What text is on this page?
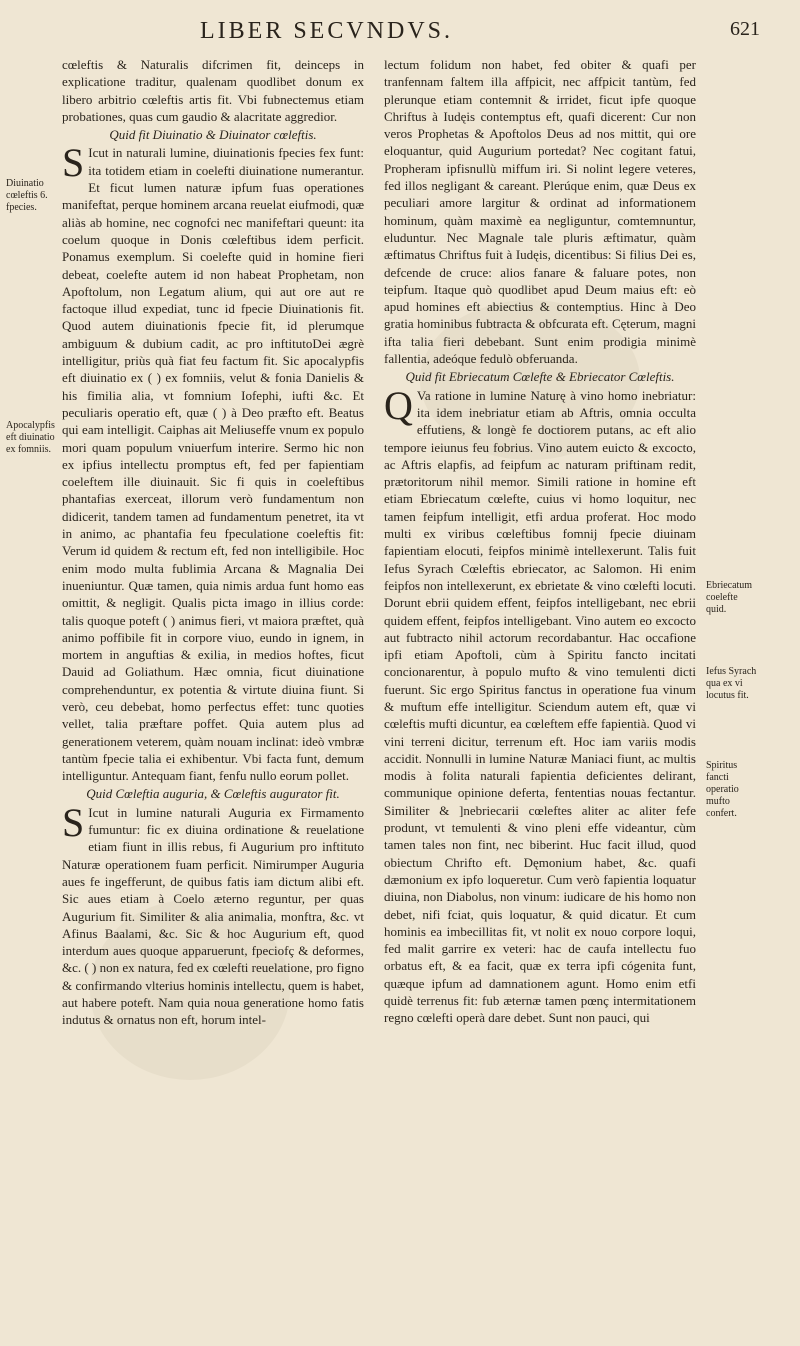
LIBER SECVNDVS.	621

cœleftis & Naturalis difcrimen fit, deinceps in explicatione traditur, qualenam quodlibet donum ex libero arbitrio cœleftis artis fit. Vbi fubnectemus etiam probationes, quas cum gaudio & alacritate aggredior.

Quid fit Diuinatio & Diuinator cœleftis.

S Icut in naturali lumine, diuinationis fpecies fex funt: ita totidem etiam in coelefti diuinatione numerantur. Et ficut lumen naturæ ipfum fuas operationes manifeftat, perque hominem arcana reuelat eiufmodi, quæ aliàs ab homine, nec cognofci nec manifeftari queunt: ita coelum quoque in Donis cœleftibus idem perficit. Ponamus exemplum. Si coelefte quid in homine fieri debeat, coelefte autem id non habeat Prophetam, non Apoftolum, non Legatum alium, qui aut ore aut re factoque illud expediat, tunc id fpecie Diuinationis fit. Quod autem diuinationis fpecie fit, id plerumque ambiguum & dubium cadit, ac pro inftitutoDei ægrè intelligitur, priùs quà fiat feu factum fit. Sic apocalypfis eft diuinatio ex ( ) ex fomniis, velut & fonia Danielis & his fimilia alia, vt fomnium Iofephi, iufti &c. Et peculiaris operatio eft, quæ ( ) à Deo præfto eft. Beatus qui eam intelligit. Caiphas ait Meliuseffe vnum ex populo mori quam populum vniuerfum interire. Sermo hic non ex ipfius intellectu promptus eft, fed per fapientiam coeleftem ille diuinauit. Sic fi quis in coeleftibus phantafias exerceat, illorum verò fundamentum non didicerit, tandem tamen ad fundamentum penetret, ita vt in animo, ac phantafia feu fpeculatione coeleftis fit: Verum id quidem & rectum eft, fed non intelligibile. Hoc enim modo multa fublimia Arcana & Magnalia Dei inueniuntur. Quæ tamen, quia nimis ardua funt homo eas omittit, & negligit. Qualis picta imago in illius corde: talis quoque poteft ( ) animus fieri, vt maiora præftet, quà animo poffibile fit in corpore viuo, eundo in ignem, in mortem in anguftias & exilia, in medios hoftes, ficut Dauid ad Goliathum. Hæc omnia, ficut diuinatione comprehenduntur, ex potentia & virtute diuina fiunt. Si verò, ceu debebat, homo perfectus effet: tunc quoties vellet, talia præftare poffet. Quia autem plus ad generationem veterem, quàm nouam inclinat: ideò vmbræ tantùm fpecie talia ei exhibentur. Vbi facta funt, demum intelliguntur. Antequam fiant, fenfu nullo eorum pollet.

Quid Cœleftia auguria, & Cœleftis augurator fit.

S Icut in lumine naturali Auguria ex Firmamento fumuntur: fic ex diuina ordinatione & reuelatione etiam fiunt in illis rebus, fi Augurium pro inftituto Naturæ operationem fuam perficit. Nimirumper Auguria aues fe ingefferunt, de quibus fatis iam dictum alibi eft. Sic aues etiam à Coelo æterno reguntur, per quas Augurium fit. Similiter & alia animalia, monftra, &c. vt Afinus Baalami, &c. Sic & hoc Augurium eft, quod interdum aues quoque apparuerunt, fpeciofç & deformes, &c. ( ) non ex natura, fed ex cœlefti reuelatione, pro figno & confirmando vlterius hominis intellectu, quem is habet, aut habere poteft. Nam quia noua generatione homo fatis indutus & ornatus non eft, horum intel-

lectum folidum non habet, fed obiter & quafi per tranfennam faltem illa affpicit, nec affpicit tantùm, fed plerunque etiam contemnit & irridet, ficut ipfe quoque Chriftus à Iudęis contemptus eft, quafi dicerent: Cur non veros Prophetas & Apoftolos Deus ad nos mittit, qui ore eloquantur, quid Augurium portedat? Nec cogitant fatui, Propheram ipfisnullù miffum iri. Si nolint legere veteres, fed illos negligant & careant. Plerúque enim, quæ Deus ex peculiari amore largitur & ordinat ad informationem hominum, quàm maximè ea negliguntur, comtemnuntur, eluduntur. Nec Magnale tale pluris æftimatur, quàm æftimatus Chriftus fuit à Iudęis, dicentibus: Si filius Dei es, defcende de cruce: alios fanare & faluare potes, non teipfum. Itaque quò quodlibet apud Deum maius eft: eò apud homines eft abiectius & contemptius. Hinc à Deo gratia hominibus fubtracta & obfcurata eft. Cęterum, magni ifta talia fieri debebant. Sunt enim prodigia minimè fallentia, adeóque fedulò obferuanda.

Quid fit Ebriecatum Cœlefte & Ebriecator Cœleftis.

Q Va ratione in lumine Naturę à vino homo inebriatur: ita idem inebriatur etiam ab Aftris, omnia occulta effutiens, & longè fe doctiorem putans, ac eft alio tempore ieiunus feu fobrius. Vino autem euicto & excocto, ac Aftris elapfis, ad feipfum ac naturam priftinam redit, prætoritorum nihil memor. Simili ratione in homine eft etiam Ebriecatum cœlefte, cuius vi homo loquitur, nec tamen feipfum intelligit, etfi ardua proferat. Hoc modo multi ex viribus cœleftibus fomnij fpecie diuinam fapientiam elocuti, feipfos minimè intellexerunt. Talis fuit Iefus Syrach Cœleftis ebriecator, ac Salomon. Hi enim feipfos non intellexerunt, ex ebrietate & vino cœlefti locuti. Dorunt ebrii quidem effent, feipfos intelligebant, nec ebrii quidem effent, feipfos intelligebant. Vino autem eo excocto aut fubtracto nihil actorum recordabantur. Hac occafione ipfi etiam Apoftoli, cùm à Spiritu fancto incitati concionarentur, à populo mufto & vino temulenti dicti fuerunt. Sic ergo Spiritus fanctus in operatione fua vinum & muftum effe intelligitur. Sciendum autem eft, quæ vi cœleftis mufti dicuntur, ea cœleftem effe fapientià. Quod vi vini terreni dicitur, terrenum eft. Hoc iam variis modis accidit. Nonnulli in lumine Naturæ Maniaci fiunt, ac multis modis à folita naturali fapientia deficientes delirant, communique opinione deferta, fententias nouas fectantur. Similiter & ]nebriecarii cœleftes aliter ac aliter fefe produnt, vt temulenti & vino pleni effe videantur, cùm tamen tales non fint, nec biberint. Huc facit illud, quod obiectum Chrifto eft. Dęmonium habet, &c. quafi dæmonium ex ipfo loqueretur. Cum verò fapientia loquatur diuina, non Diabolus, non vinum: iudicare de his homo non debet, nifi fciat, quis loquatur, & quid dicatur. Et cum hominis ea imbecillitas fit, vt nolit ex nouo corpore loqui, fed malit garrire ex veteri: hac de caufa intellectu fuo orbatus eft, & ea facit, quæ ex terra ipfi cógenita funt, quæque ipfum ad damnationem agunt. Homo enim etfi quidè terrenus fit: fub æternæ tamen pœnç intermitationem regno cœlefti operà dare debet. Sunt non pauci, qui

Diuinatio cœleftis 6. fpecies.
Apocalypfis eft diuinatio ex fomniis.
Ebriecatum coelefte quid.
Iefus Syrach qua ex vi locutus fit.
Spiritus fancti operatio mufto confert.
